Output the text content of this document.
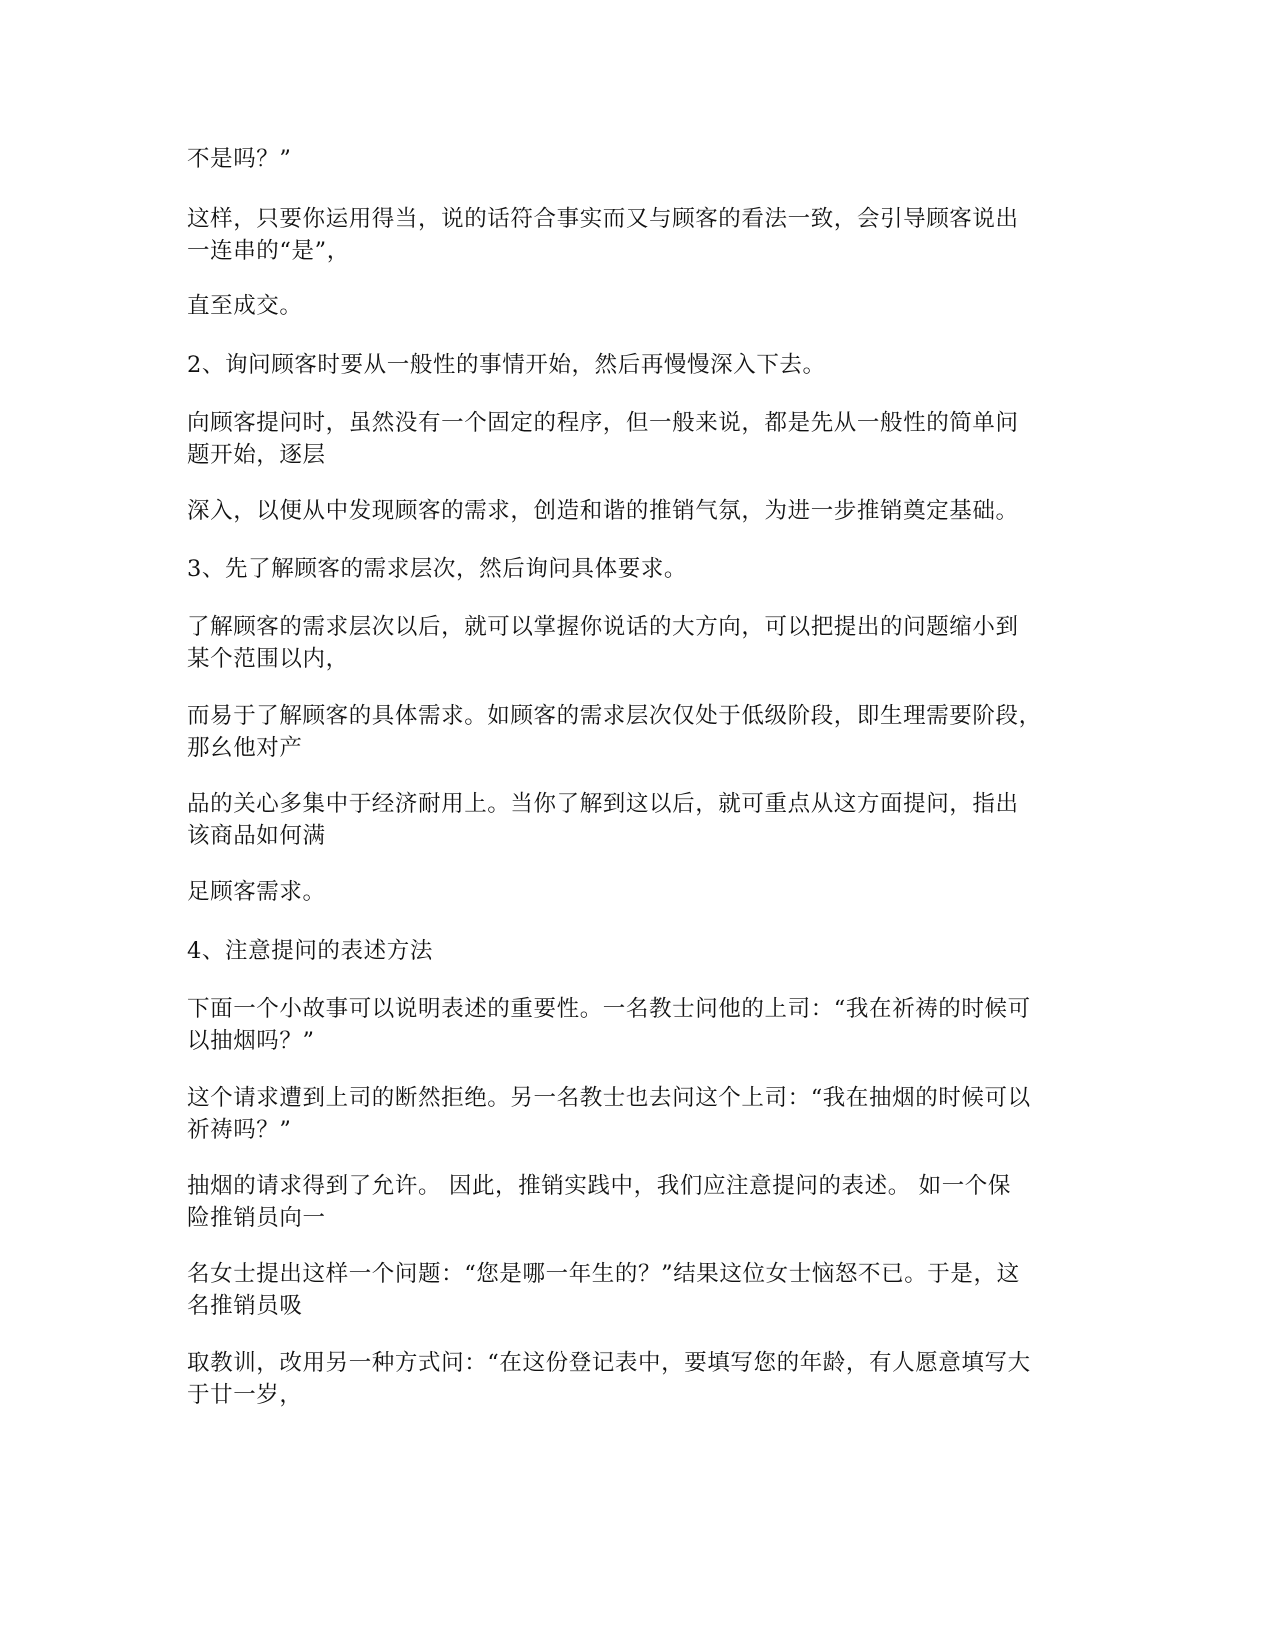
不是吗？”

这样，只要你运用得当，说的话符合事实而又与顾客的看法一致，会引导顾客说出
一连串的“是”，

直至成交。

2、询问顾客时要从一般性的事情开始，然后再慢慢深入下去。

向顾客提问时，虽然没有一个固定的程序，但一般来说，都是先从一般性的简单问
题开始，逐层

深入，以便从中发现顾客的需求，创造和谐的推销气氛，为进一步推销奠定基础。

3、先了解顾客的需求层次，然后询问具体要求。

了解顾客的需求层次以后，就可以掌握你说话的大方向，可以把提出的问题缩小到
某个范围以内，

而易于了解顾客的具体需求。如顾客的需求层次仅处于低级阶段，即生理需要阶段，
那幺他对产

品的关心多集中于经济耐用上。当你了解到这以后，就可重点从这方面提问，指出
该商品如何满

足顾客需求。

4、注意提问的表述方法

下面一个小故事可以说明表述的重要性。一名教士问他的上司：“我在祈祷的时候可
以抽烟吗？”

这个请求遭到上司的断然拒绝。另一名教士也去问这个上司：“我在抽烟的时候可以
祈祷吗？”

抽烟的请求得到了允许。 因此，推销实践中，我们应注意提问的表述。 如一个保
险推销员向一

名女士提出这样一个问题：“您是哪一年生的？”结果这位女士恼怒不已。于是，这
名推销员吸

取教训，改用另一种方式问：“在这份登记表中，要填写您的年龄，有人愿意填写大
于廿一岁，
